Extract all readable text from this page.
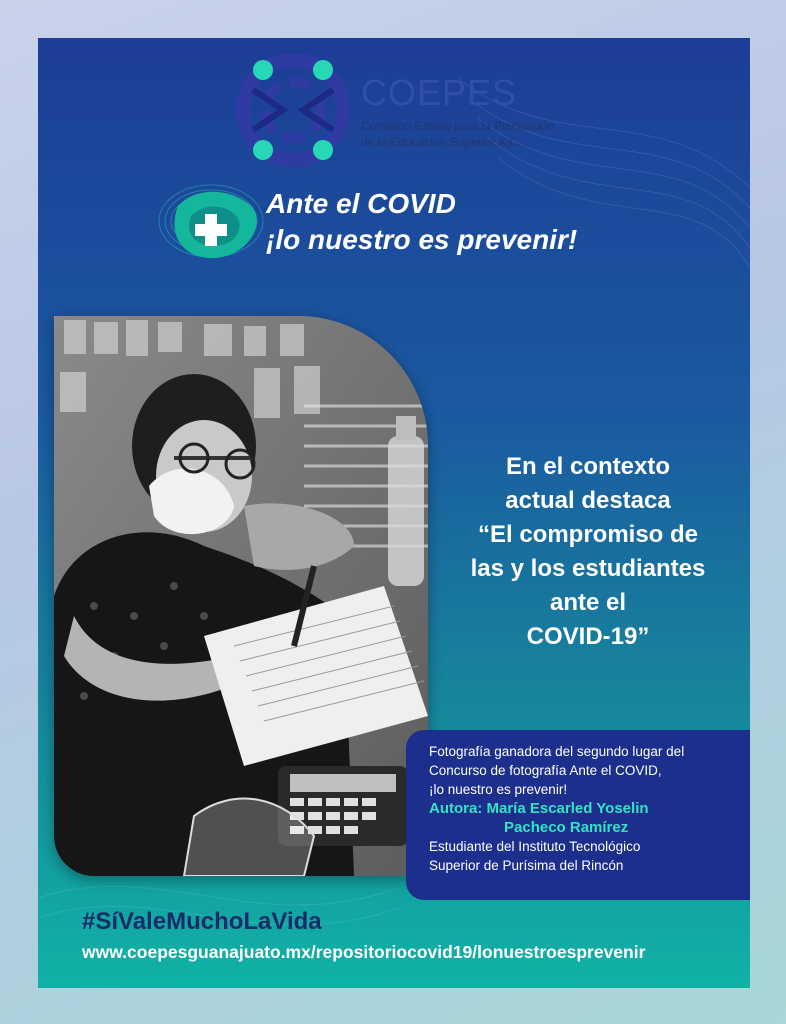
COEPES
Comisión Estatal para la Planeación
de la Educación Superior A.C.
Ante el COVID
¡lo nuestro es prevenir!
En el contexto
actual destaca
“El compromiso de
las y los estudiantes
ante el
COVID-19”
Fotografía ganadora del segundo lugar del
Concurso de fotografía Ante el COVID,
¡lo nuestro es prevenir!
Autora: María Escarled Yoselin
Pacheco Ramírez
Estudiante del Instituto Tecnológico
Superior de Purísima del Rincón
#SíValeMuchoLaVida
www.coepesguanajuato.mx/repositoriocovid19/lonuestroesprevenir
